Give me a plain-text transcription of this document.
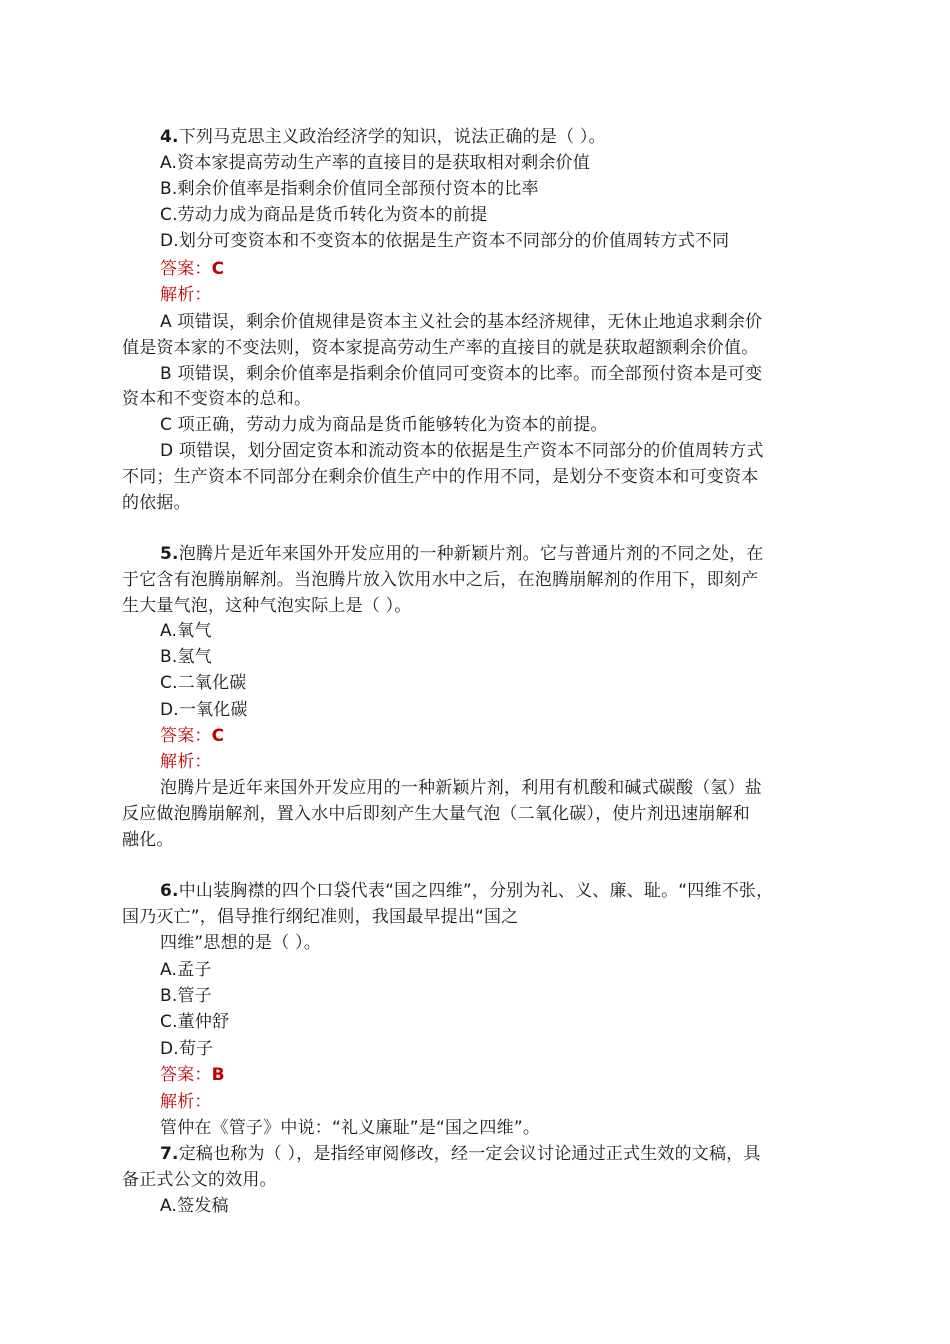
4.下列马克思主义政治经济学的知识，说法正确的是（ ）。
A.资本家提高劳动生产率的直接目的是获取相对剩余价值
B.剩余价值率是指剩余价值同全部预付资本的比率
C.劳动力成为商品是货币转化为资本的前提
D.划分可变资本和不变资本的依据是生产资本不同部分的价值周转方式不同
答案：C
解析：
A 项错误，剩余价值规律是资本主义社会的基本经济规律，无休止地追求剩余价
值是资本家的不变法则，资本家提高劳动生产率的直接目的就是获取超额剩余价值。
B 项错误，剩余价值率是指剩余价值同可变资本的比率。而全部预付资本是可变
资本和不变资本的总和。
C 项正确，劳动力成为商品是货币能够转化为资本的前提。
D 项错误，划分固定资本和流动资本的依据是生产资本不同部分的价值周转方式
不同；生产资本不同部分在剩余价值生产中的作用不同，是划分不变资本和可变资本
的依据。
5.泡腾片是近年来国外开发应用的一种新颖片剂。它与普通片剂的不同之处，在
于它含有泡腾崩解剂。当泡腾片放入饮用水中之后，在泡腾崩解剂的作用下，即刻产
生大量气泡，这种气泡实际上是（ ）。
A.氧气
B.氢气
C.二氧化碳
D.一氧化碳
答案：C
解析：
泡腾片是近年来国外开发应用的一种新颖片剂，利用有机酸和碱式碳酸（氢）盐
反应做泡腾崩解剂，置入水中后即刻产生大量气泡（二氧化碳），使片剂迅速崩解和
融化。
6.中山装胸襟的四个口袋代表“国之四维”，分别为礼、义、廉、耻。“四维不张，
国乃灭亡”，倡导推行纲纪准则，我国最早提出“国之
四维”思想的是（ ）。
A.孟子
B.管子
C.董仲舒
D.荀子
答案：B
解析：
管仲在《管子》中说：“礼义廉耻”是“国之四维”。
7.定稿也称为（ ），是指经审阅修改，经一定会议讨论通过正式生效的文稿，具
备正式公文的效用。
A.签发稿
